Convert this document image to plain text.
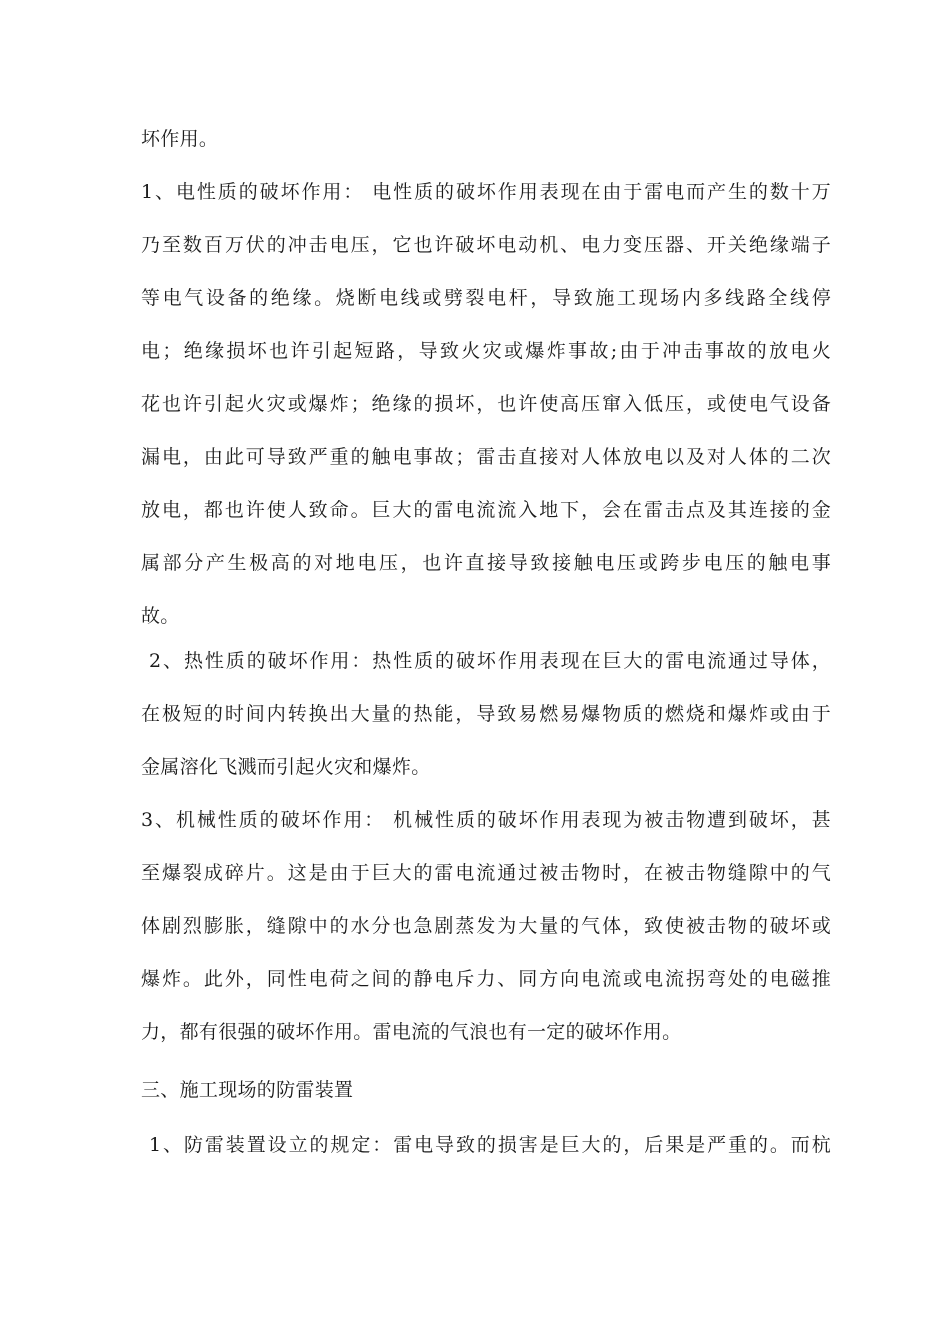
坏作用。
1、电性质的破坏作用： 电性质的破坏作用表现在由于雷电而产生的数十万
乃至数百万伏的冲击电压，它也许破坏电动机、电力变压器、开关绝缘端子
等电气设备的绝缘。烧断电线或劈裂电杆，导致施工现场内多线路全线停
电；绝缘损坏也许引起短路，导致火灾或爆炸事故;由于冲击事故的放电火
花也许引起火灾或爆炸；绝缘的损坏，也许使高压窜入低压，或使电气设备
漏电，由此可导致严重的触电事故；雷击直接对人体放电以及对人体的二次
放电，都也许使人致命。巨大的雷电流流入地下，会在雷击点及其连接的金
属部分产生极高的对地电压，也许直接导致接触电压或跨步电压的触电事
故。
2、热性质的破坏作用：热性质的破坏作用表现在巨大的雷电流通过导体，
在极短的时间内转换出大量的热能，导致易燃易爆物质的燃烧和爆炸或由于
金属溶化飞溅而引起火灾和爆炸。
3、机械性质的破坏作用： 机械性质的破坏作用表现为被击物遭到破坏，甚
至爆裂成碎片。这是由于巨大的雷电流通过被击物时，在被击物缝隙中的气
体剧烈膨胀，缝隙中的水分也急剧蒸发为大量的气体，致使被击物的破坏或
爆炸。此外，同性电荷之间的静电斥力、同方向电流或电流拐弯处的电磁推
力，都有很强的破坏作用。雷电流的气浪也有一定的破坏作用。
三、施工现场的防雷装置
1、防雷装置设立的规定：雷电导致的损害是巨大的，后果是严重的。而杭
